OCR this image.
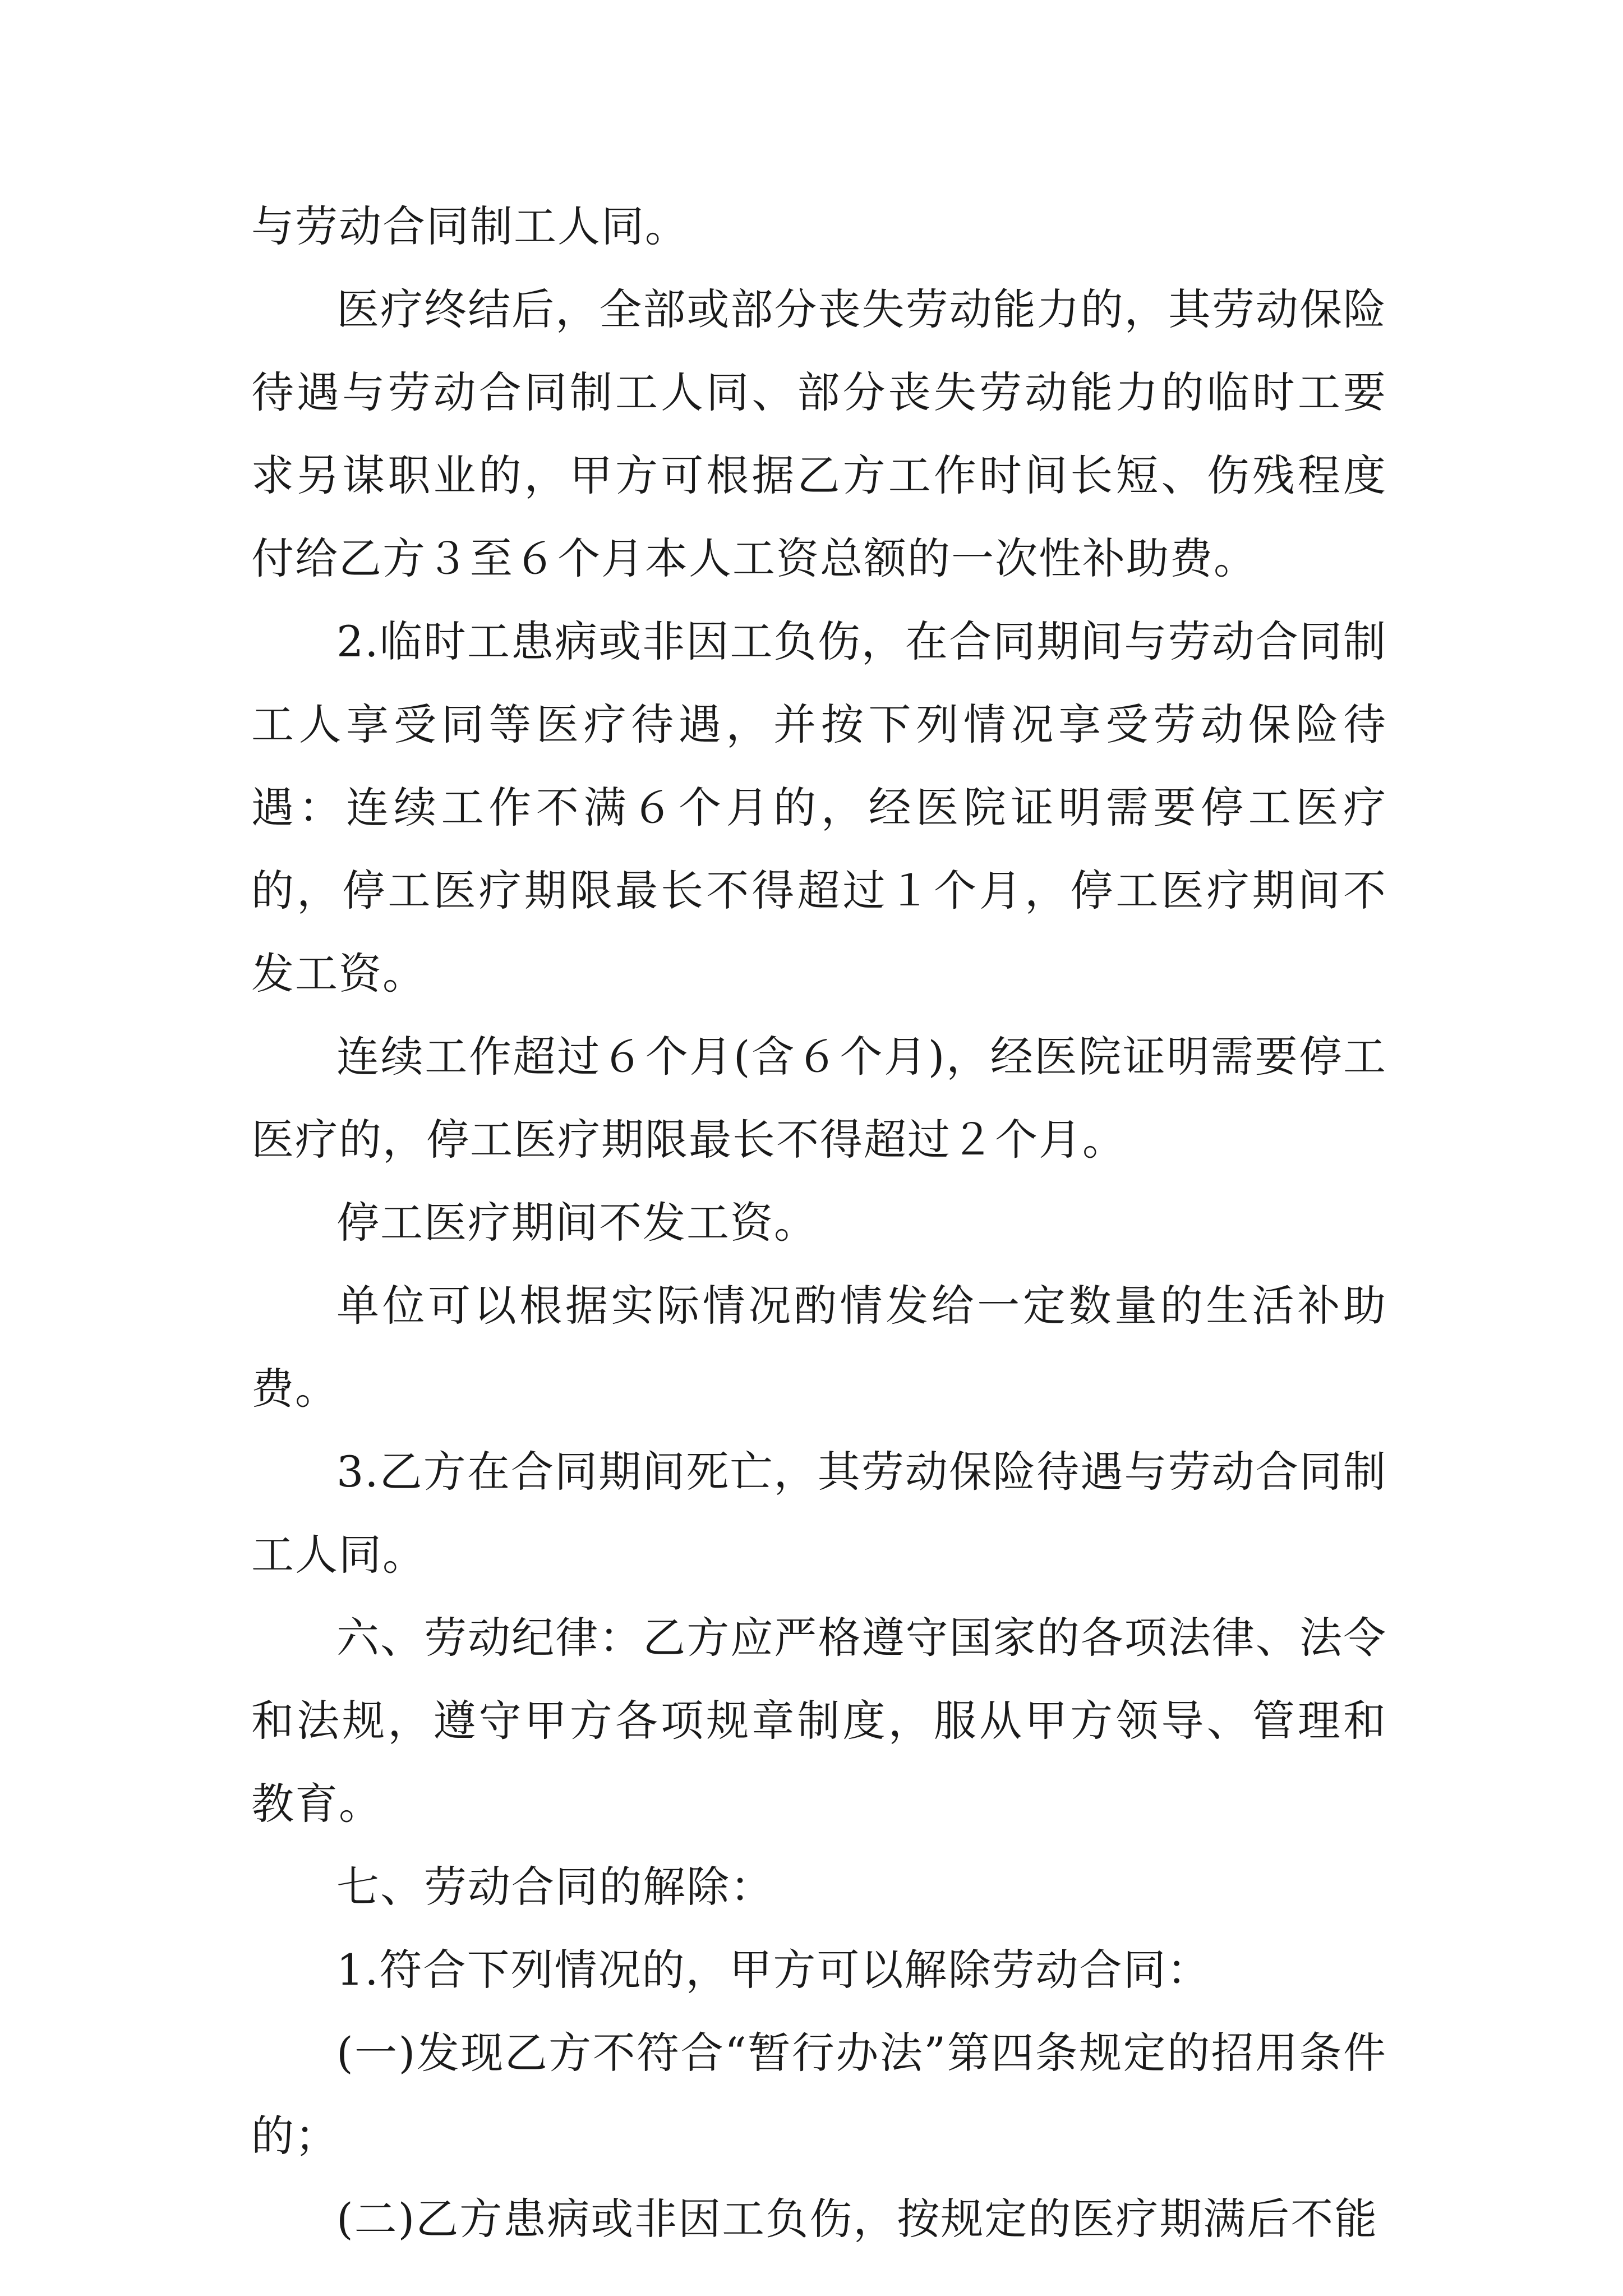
与劳动合同制工人同。

医疗终结后，全部或部分丧失劳动能力的，其劳动保险待遇与劳动合同制工人同、部分丧失劳动能力的临时工要求另谋职业的，甲方可根据乙方工作时间长短、伤残程度付给乙方３至６个月本人工资总额的一次性补助费。

2.临时工患病或非因工负伤，在合同期间与劳动合同制工人享受同等医疗待遇，并按下列情况享受劳动保险待遇：连续工作不满６个月的，经医院证明需要停工医疗的，停工医疗期限最长不得超过１个月，停工医疗期间不发工资。

连续工作超过６个月(含６个月)，经医院证明需要停工医疗的，停工医疗期限最长不得超过２个月。

停工医疗期间不发工资。

单位可以根据实际情况酌情发给一定数量的生活补助费。

3.乙方在合同期间死亡，其劳动保险待遇与劳动合同制工人同。

六、劳动纪律：乙方应严格遵守国家的各项法律、法令和法规，遵守甲方各项规章制度，服从甲方领导、管理和教育。

七、劳动合同的解除：

1.符合下列情况的，甲方可以解除劳动合同：

(一)发现乙方不符合“暂行办法”第四条规定的招用条件的；

(二)乙方患病或非因工负伤，按规定的医疗期满后不能
